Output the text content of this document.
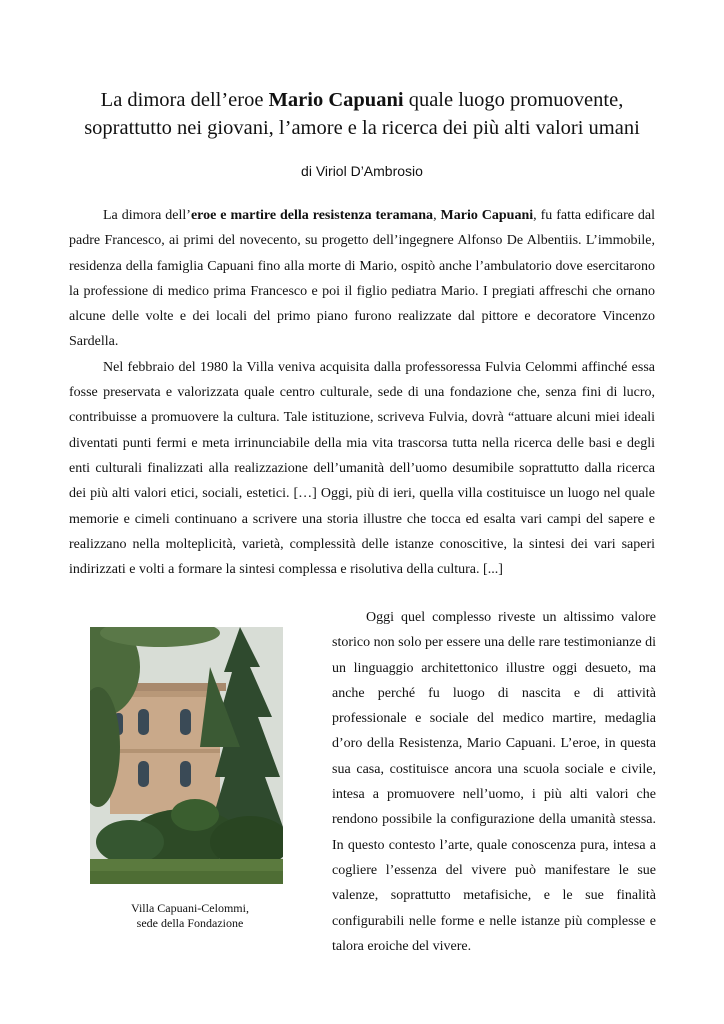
La dimora dell’eroe Mario Capuani quale luogo promuovente,
soprattutto nei giovani, l’amore e la ricerca dei più alti valori umani
di Viriol D’Ambrosio

La dimora dell’eroe e martire della resistenza teramana, Mario Capuani, fu fatta edificare dal padre Francesco, ai primi del novecento, su progetto dell’ingegnere Alfonso De Albentiis. L’immobile, residenza della famiglia Capuani fino alla morte di Mario, ospitò anche l’ambulatorio dove esercitarono la professione di medico prima Francesco e poi il figlio pediatra Mario. I pregiati affreschi che ornano alcune delle volte e dei locali del primo piano furono realizzate dal pittore e decoratore Vincenzo Sardella.

Nel febbraio del 1980 la Villa veniva acquisita dalla professoressa Fulvia Celommi affinché essa fosse preservata e valorizzata quale centro culturale, sede di una fondazione che, senza fini di lucro, contribuisse a promuovere la cultura. Tale istituzione, scriveva Fulvia, dovrà “attuare alcuni miei ideali diventati punti fermi e meta irrinunciabile della mia vita trascorsa tutta nella ricerca delle basi e degli enti culturali finalizzati alla realizzazione dell’umanità dell’uomo desumibile soprattutto dalla ricerca dei più alti valori etici, sociali, estetici. […] Oggi, più di ieri, quella villa costituisce un luogo nel quale memorie e cimeli continuano a scrivere una storia illustre che tocca ed esalta vari campi del sapere e realizzano nella molteplicità, varietà, complessità delle istanze conoscitive, la sintesi dei vari saperi indirizzati e volti a formare la sintesi complessa e risolutiva della cultura. [...]

Oggi quel complesso riveste un altissimo valore storico non solo per essere una delle rare testimonianze di un linguaggio architettonico illustre oggi desueto, ma anche perché fu luogo di nascita e di attività professionale e sociale del medico martire, medaglia d’oro della Resistenza, Mario Capuani. L’eroe, in questa sua casa, costituisce ancora una scuola sociale e civile, intesa a promuovere nell’uomo, i più alti valori che rendono possibile la configurazione della umanità stessa. In questo contesto l’arte, quale conoscenza pura, intesa a cogliere l’essenza del vivere può manifestare le sue valenze, soprattutto metafisiche, e le sue finalità configurabili nelle forme e nelle istanze più complesse e talora eroiche del vivere.

Villa Capuani-Celommi,
sede della Fondazione
